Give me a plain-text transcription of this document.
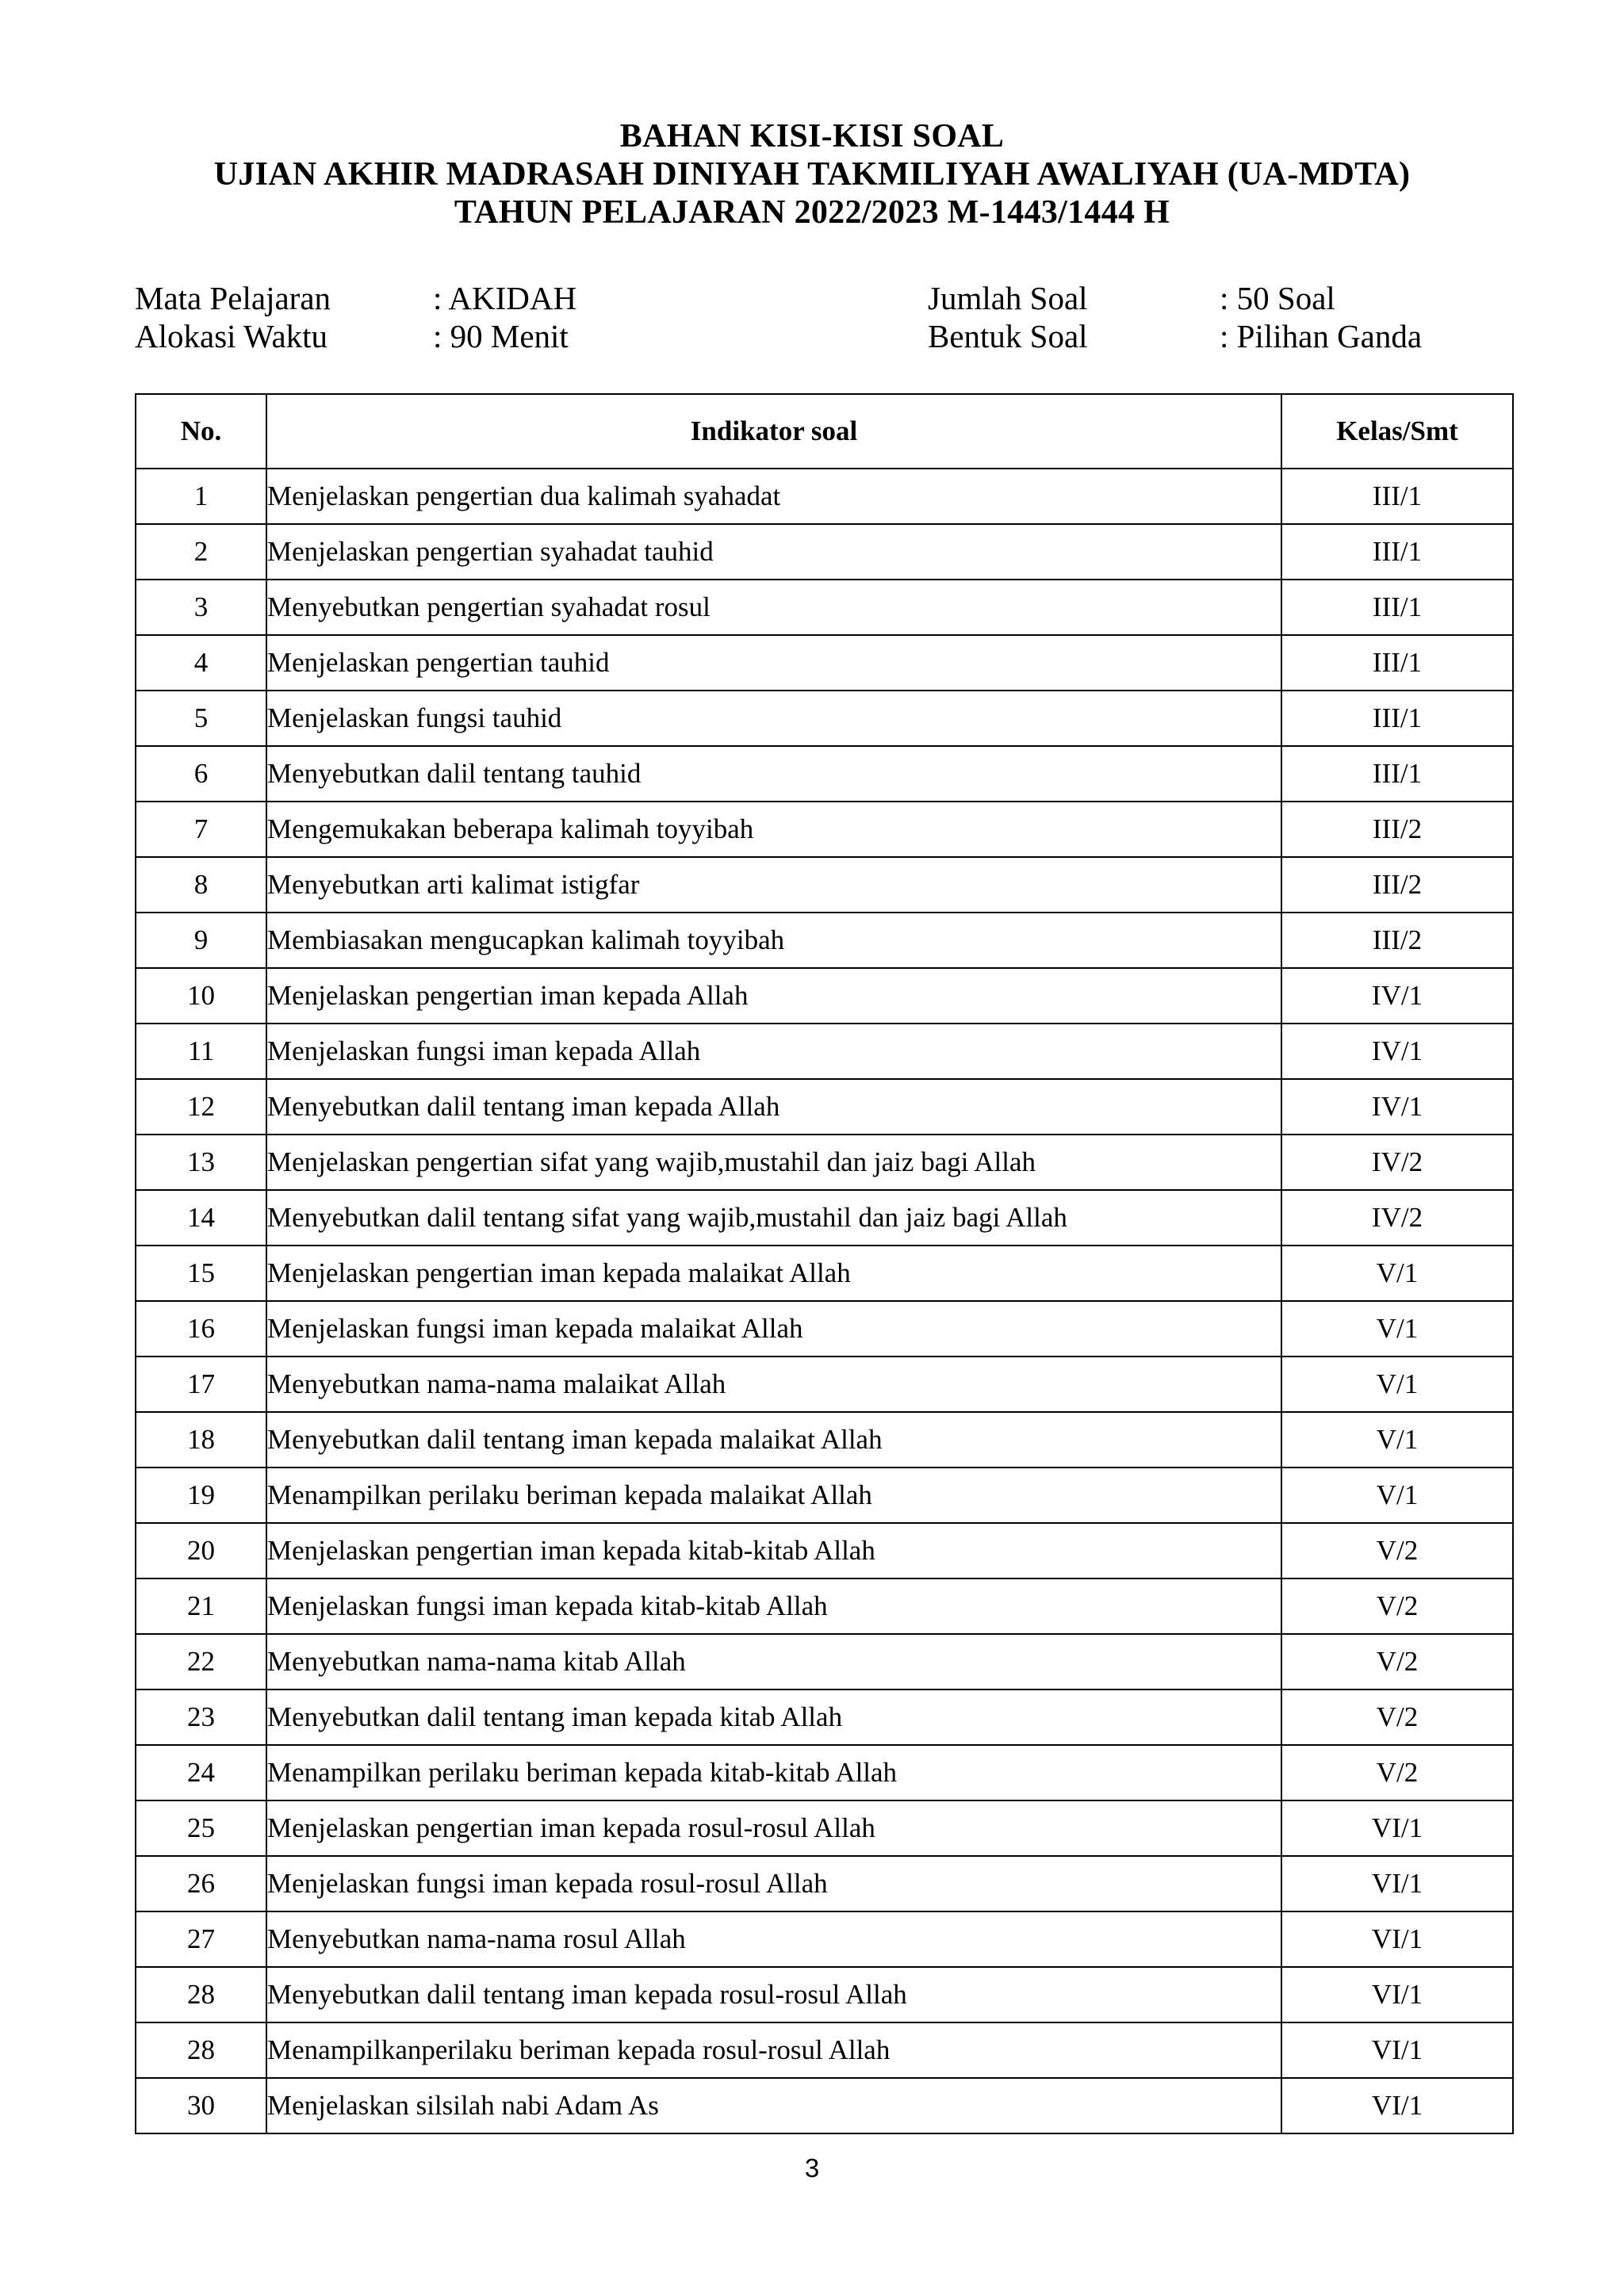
BAHAN KISI-KISI SOAL
UJIAN AKHIR MADRASAH DINIYAH TAKMILIYAH AWALIYAH (UA-MDTA)
TAHUN PELAJARAN 2022/2023 M-1443/1444 H
Mata Pelajaran	: AKIDAH	Jumlah Soal	: 50 Soal
Alokasi Waktu	: 90 Menit	Bentuk Soal	: Pilihan Ganda
No.	Indikator soal	Kelas/Smt
1	Menjelaskan pengertian dua kalimah syahadat	III/1
2	Menjelaskan pengertian syahadat tauhid	III/1
3	Menyebutkan pengertian syahadat rosul	III/1
4	Menjelaskan pengertian tauhid	III/1
5	Menjelaskan fungsi tauhid	III/1
6	Menyebutkan dalil tentang tauhid	III/1
7	Mengemukakan beberapa kalimah toyyibah	III/2
8	Menyebutkan arti kalimat istigfar	III/2
9	Membiasakan mengucapkan kalimah toyyibah	III/2
10	Menjelaskan pengertian iman kepada Allah	IV/1
11	Menjelaskan fungsi iman kepada Allah	IV/1
12	Menyebutkan dalil tentang iman kepada Allah	IV/1
13	Menjelaskan pengertian sifat yang wajib,mustahil dan jaiz bagi Allah	IV/2
14	Menyebutkan dalil tentang sifat yang wajib,mustahil dan jaiz bagi Allah	IV/2
15	Menjelaskan pengertian iman kepada malaikat Allah	V/1
16	Menjelaskan fungsi iman kepada malaikat Allah	V/1
17	Menyebutkan nama-nama malaikat Allah	V/1
18	Menyebutkan dalil tentang iman kepada malaikat Allah	V/1
19	Menampilkan perilaku beriman kepada malaikat Allah	V/1
20	Menjelaskan pengertian iman kepada kitab-kitab Allah	V/2
21	Menjelaskan fungsi iman kepada kitab-kitab Allah	V/2
22	Menyebutkan nama-nama kitab Allah	V/2
23	Menyebutkan dalil tentang iman kepada kitab Allah	V/2
24	Menampilkan perilaku beriman kepada kitab-kitab Allah	V/2
25	Menjelaskan pengertian iman kepada rosul-rosul Allah	VI/1
26	Menjelaskan fungsi iman kepada rosul-rosul Allah	VI/1
27	Menyebutkan nama-nama rosul Allah	VI/1
28	Menyebutkan dalil tentang iman kepada rosul-rosul Allah	VI/1
28	Menampilkanperilaku beriman kepada rosul-rosul Allah	VI/1
30	Menjelaskan silsilah nabi Adam As	VI/1
3
